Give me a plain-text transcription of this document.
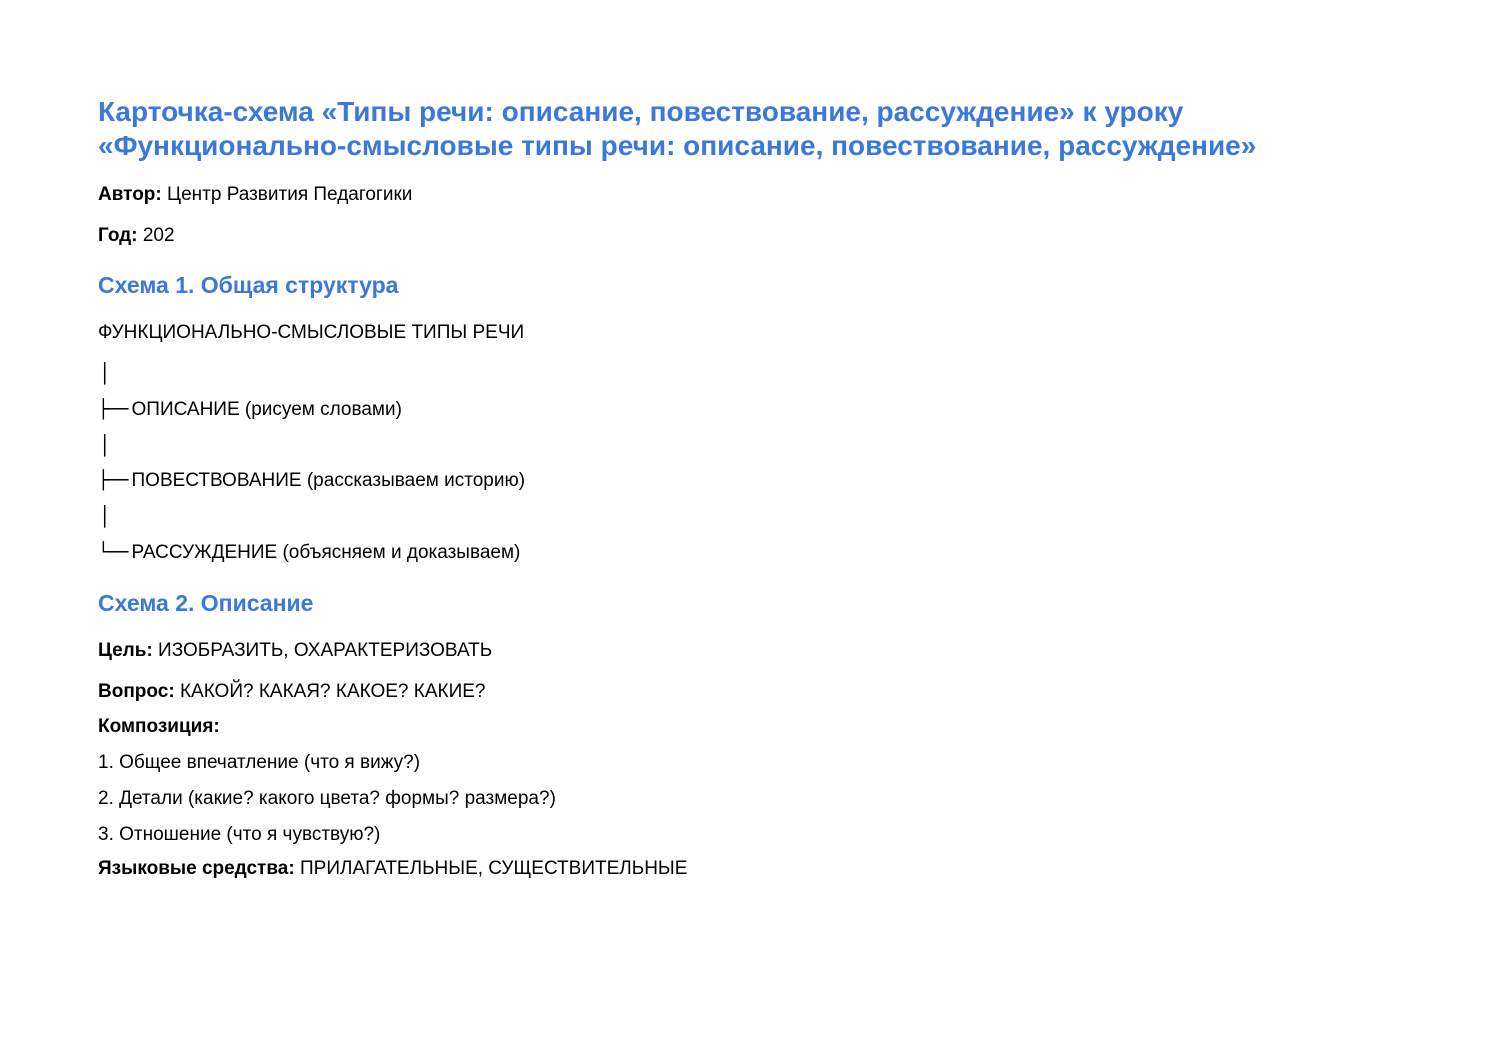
Карточка-схема «Типы речи: описание, повествование, рассуждение» к уроку
«Функционально-смысловые типы речи: описание, повествование, рассуждение»
Автор: Центр Развития Педагогики
Год: 202
Схема 1. Общая структура
ФУНКЦИОНАЛЬНО-СМЫСЛОВЫЕ ТИПЫ РЕЧИ
│
├── ОПИСАНИЕ (рисуем словами)
│
├── ПОВЕСТВОВАНИЕ (рассказываем историю)
│
└── РАССУЖДЕНИЕ (объясняем и доказываем)
Схема 2. Описание
Цель: ИЗОБРАЗИТЬ, ОХАРАКТЕРИЗОВАТЬ
Вопрос: КАКОЙ? КАКАЯ? КАКОЕ? КАКИЕ?
Композиция:
1. Общее впечатление (что я вижу?)
2. Детали (какие? какого цвета? формы? размера?)
3. Отношение (что я чувствую?)
Языковые средства: ПРИЛАГАТЕЛЬНЫЕ, СУЩЕСТВИТЕЛЬНЫЕ
